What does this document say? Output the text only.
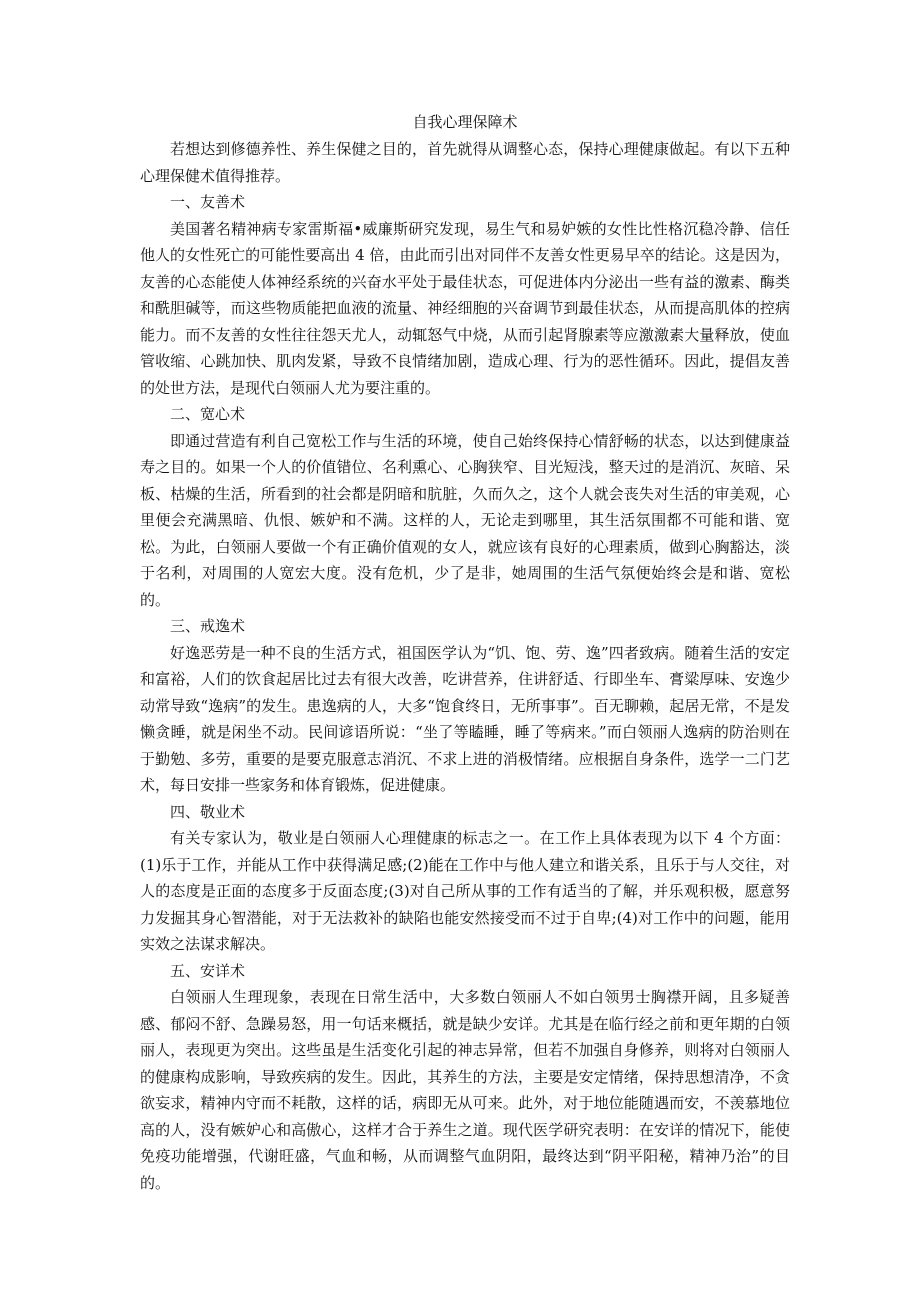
自我心理保障术

若想达到修德养性、养生保健之目的，首先就得从调整心态，保持心理健康做起。有以下五种心理保健术值得推荐。

一、友善术

美国著名精神病专家雷斯福•威廉斯研究发现，易生气和易妒嫉的女性比性格沉稳冷静、信任他人的女性死亡的可能性要高出 4 倍，由此而引出对同伴不友善女性更易早卒的结论。这是因为，友善的心态能使人体神经系统的兴奋水平处于最佳状态，可促进体内分泌出一些有益的激素、酶类和酰胆碱等，而这些物质能把血液的流量、神经细胞的兴奋调节到最佳状态，从而提高肌体的控病能力。而不友善的女性往往怨天尤人，动辄怒气中烧，从而引起肾腺素等应激激素大量释放，使血管收缩、心跳加快、肌肉发紧，导致不良情绪加剧，造成心理、行为的恶性循环。因此，提倡友善的处世方法，是现代白领丽人尤为要注重的。

二、宽心术

即通过营造有利自己宽松工作与生活的环境，使自己始终保持心情舒畅的状态，以达到健康益寿之目的。如果一个人的价值错位、名利熏心、心胸狭窄、目光短浅，整天过的是消沉、灰暗、呆板、枯燥的生活，所看到的社会都是阴暗和肮脏，久而久之，这个人就会丧失对生活的审美观，心里便会充满黑暗、仇恨、嫉妒和不满。这样的人，无论走到哪里，其生活氛围都不可能和谐、宽松。为此，白领丽人要做一个有正确价值观的女人，就应该有良好的心理素质，做到心胸豁达，淡于名利，对周围的人宽宏大度。没有危机，少了是非，她周围的生活气氛便始终会是和谐、宽松的。

三、戒逸术

好逸恶劳是一种不良的生活方式，祖国医学认为“饥、饱、劳、逸”四者致病。随着生活的安定和富裕，人们的饮食起居比过去有很大改善，吃讲营养，住讲舒适、行即坐车、膏粱厚味、安逸少动常导致“逸病”的发生。患逸病的人，大多“饱食终日，无所事事”。百无聊赖，起居无常，不是发懒贪睡，就是闲坐不动。民间谚语所说：“坐了等瞌睡，睡了等病来。”而白领丽人逸病的防治则在于勤勉、多劳，重要的是要克服意志消沉、不求上进的消极情绪。应根据自身条件，选学一二门艺术，每日安排一些家务和体育锻炼，促进健康。

四、敬业术

有关专家认为，敬业是白领丽人心理健康的标志之一。在工作上具体表现为以下 4 个方面：(1)乐于工作，并能从工作中获得满足感;(2)能在工作中与他人建立和谐关系，且乐于与人交往，对人的态度是正面的态度多于反面态度;(3)对自己所从事的工作有适当的了解，并乐观积极，愿意努力发掘其身心智潜能，对于无法救补的缺陷也能安然接受而不过于自卑;(4)对工作中的问题，能用实效之法谋求解决。

五、安详术

白领丽人生理现象，表现在日常生活中，大多数白领丽人不如白领男士胸襟开阔，且多疑善感、郁闷不舒、急躁易怒，用一句话来概括，就是缺少安详。尤其是在临行经之前和更年期的白领丽人，表现更为突出。这些虽是生活变化引起的神志异常，但若不加强自身修养，则将对白领丽人的健康构成影响，导致疾病的发生。因此，其养生的方法，主要是安定情绪，保持思想清净，不贪欲妄求，精神内守而不耗散，这样的话，病即无从可来。此外，对于地位能随遇而安，不羡慕地位高的人，没有嫉妒心和高傲心，这样才合于养生之道。现代医学研究表明：在安详的情况下，能使免疫功能增强，代谢旺盛，气血和畅，从而调整气血阴阳，最终达到“阴平阳秘，精神乃治”的目的。
